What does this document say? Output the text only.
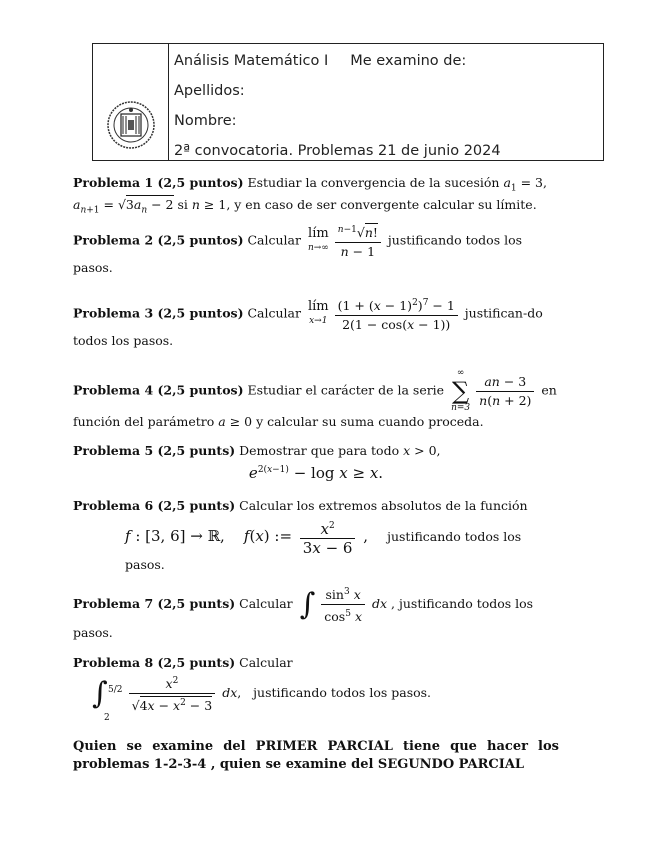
Análisis Matemático I Me examino de:
Apellidos:
Nombre:
2ª convocatoria. Problemas 21 de junio 2024
Problema 1 (2,5 puntos) Estudiar la convergencia de la sucesión $a_1 = 3$, $a_{n+1} = √3a_n - 2$ si n ≥ 1, y en caso de ser convergente calcular su límite.
Problema 2 (2,5 puntos) Calcular lím
$n\to\infty \frac{^{n-1}√n!}{n - 1}$ justificando todos los pasos.
Problema 3 (2,5 puntos) Calcular lím
$x\to 1 \frac{(1 + (x - 1)^2)^7 - 1}{2(1 - \cos(x - 1))}$ justifican-do todos los pasos.
Problema 4 (2,5 puntos) Estudiar el carácter de la serie
∞
∑
$n=3 \frac{an - 3}{n(n + 2)}$ en función del parámetro a ≥ 0 y calcular su suma cuando proceda.
Problema 5 (2,5 punts) Demostrar que para todo x > 0,
$e^{2(x-1)} - \log x \ge x$.
Problema 6 (2,5 punts) Calcular los extremos absolutos de la función
f : [3, 6] → ℝ,    f(x) := $\frac{x^2}{3x - 6}$ ,    justificando todos los pasos.
Problema 7 (2,5 punts) Calcular ∫ $\frac{\sin^3 x}{\cos^5 x}$ dx , justificando todos los pasos.
Problema 8 (2,5 punts) Calcular
∫ 5/2
2

$\frac{x^2}{√4x - x^2 - 3}$ dx, justificando todos los pasos.
Quien se examine del PRIMER PARCIAL tiene que hacer los problemas 1-2-3-4 , quien se examine del SEGUNDO PARCIAL
